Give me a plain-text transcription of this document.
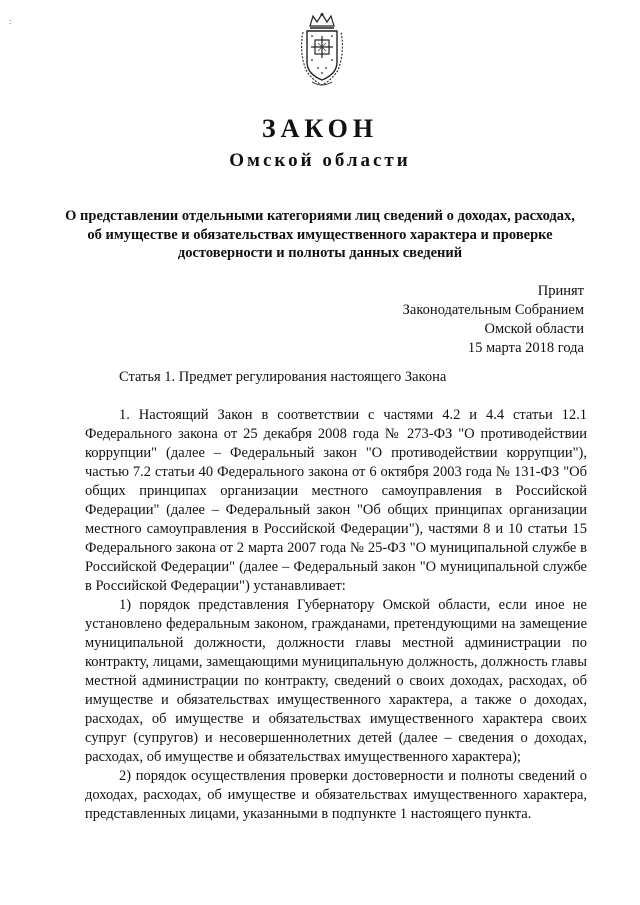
:
ЗАКОН
Омской области
О представлении отдельными категориями лиц сведений о доходах, расходах, об имуществе и обязательствах имущественного характера и проверке достоверности и полноты данных сведений
Принят
Законодательным Собранием
Омской области
15 марта 2018 года
Статья 1. Предмет регулирования настоящего Закона

1. Настоящий Закон в соответствии с частями 4.2 и 4.4 статьи 12.1 Федерального закона от 25 декабря 2008 года № 273-ФЗ "О противодействии коррупции" (далее – Федеральный закон "О противодействии коррупции"), частью 7.2 статьи 40 Федерального закона от 6 октября 2003 года № 131-ФЗ "Об общих принципах организации местного самоуправления в Российской Федерации" (далее – Федеральный закон "Об общих принципах организации местного самоуправления в Российской Федерации"), частями 8 и 10 статьи 15 Федерального закона от 2 марта 2007 года № 25-ФЗ "О муниципальной службе в Российской Федерации" (далее – Федеральный закон "О муниципальной службе в Российской Федерации") устанавливает:

1) порядок представления Губернатору Омской области, если иное не установлено федеральным законом, гражданами, претендующими на замещение муниципальной должности, должности главы местной администрации по контракту, лицами, замещающими муниципальную должность, должность главы местной администрации по контракту, сведений о своих доходах, расходах, об имуществе и обязательствах имущественного характера, а также о доходах, расходах, об имуществе и обязательствах имущественного характера своих супруг (супругов) и несовершеннолетних детей (далее – сведения о доходах, расходах, об имуществе и обязательствах имущественного характера);

2) порядок осуществления проверки достоверности и полноты сведений о доходах, расходах, об имуществе и обязательствах имущественного характера, представленных лицами, указанными в подпункте 1 настоящего пункта.
